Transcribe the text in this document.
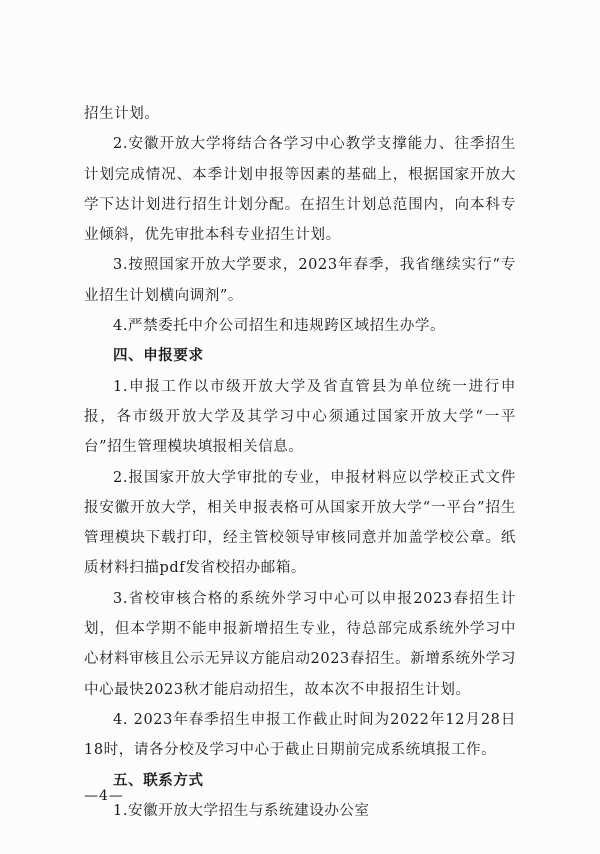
招生计划。

2.安徽开放大学将结合各学习中心教学支撑能力、往季招生计划完成情况、本季计划申报等因素的基础上，根据国家开放大学下达计划进行招生计划分配。在招生计划总范围内，向本科专业倾斜，优先审批本科专业招生计划。

3.按照国家开放大学要求，2023年春季，我省继续实行“专业招生计划横向调剂”。

4.严禁委托中介公司招生和违规跨区域招生办学。

四、申报要求

1.申报工作以市级开放大学及省直管县为单位统一进行申报，各市级开放大学及其学习中心须通过国家开放大学“一平台”招生管理模块填报相关信息。

2.报国家开放大学审批的专业，申报材料应以学校正式文件报安徽开放大学，相关申报表格可从国家开放大学“一平台”招生管理模块下载打印，经主管校领导审核同意并加盖学校公章。纸质材料扫描pdf发省校招办邮箱。

3.省校审核合格的系统外学习中心可以申报2023春招生计划，但本学期不能申报新增招生专业，待总部完成系统外学习中心材料审核且公示无异议方能启动2023春招生。新增系统外学习中心最快2023秋才能启动招生，故本次不申报招生计划。

4. 2023年春季招生申报工作截止时间为2022年12月28日18时，请各分校及学习中心于截止日期前完成系统填报工作。

五、联系方式

1.安徽开放大学招生与系统建设办公室

—4—
